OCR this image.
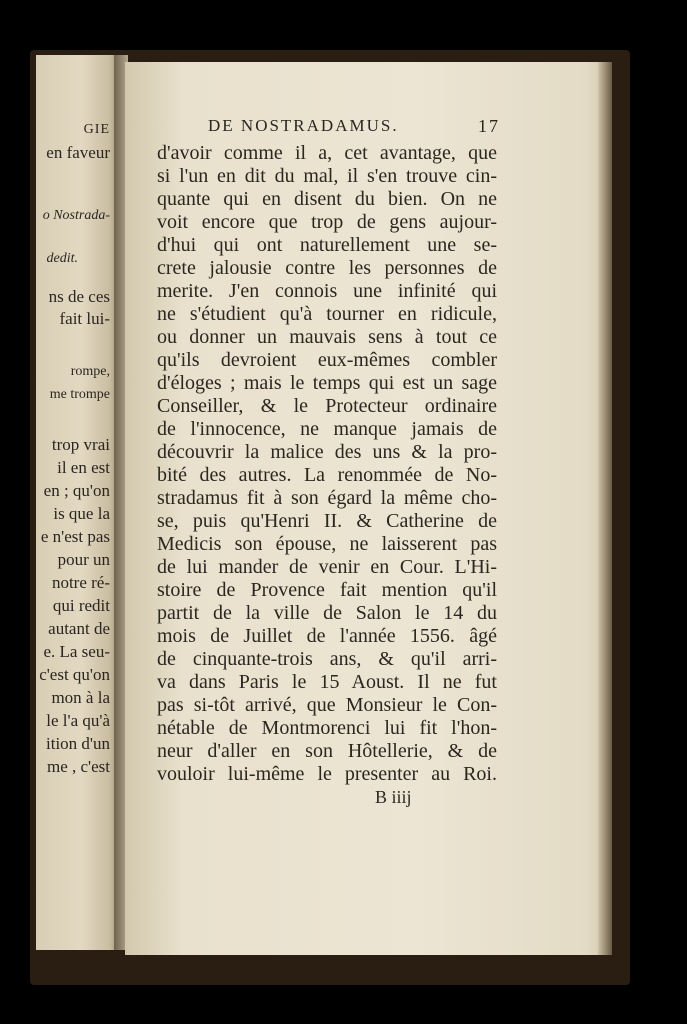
GIE
en faveur
o Nostrada-
dedit.
ns de ces
fait lui-
rompe,
me trompe
trop vrai
il en est
en ; qu'on
is que la
e n'est pas
pour un
notre ré-
qui redit
autant de
e. La seu-
c'est qu'on
mon à la
le l'a qu'à
ition d'un
me , c'est
DE NOSTRADAMUS.	17
d'avoir comme il a, cet avantage, que
si l'un en dit du mal, il s'en trouve cin-
quante qui en disent du bien. On ne
voit encore que trop de gens aujour-
d'hui qui ont naturellement une se-
crete jalousie contre les personnes de
merite. J'en connois une infinité qui
ne s'étudient qu'à tourner en ridicule,
ou donner un mauvais sens à tout ce
qu'ils devroient eux-mêmes combler
d'éloges ; mais le temps qui est un sage
Conseiller, & le Protecteur ordinaire
de l'innocence, ne manque jamais de
découvrir la malice des uns & la pro-
bité des autres. La renommée de No-
stradamus fit à son égard la même cho-
se, puis qu'Henri II. & Catherine de
Medicis son épouse, ne laisserent pas
de lui mander de venir en Cour. L'Hi-
stoire de Provence fait mention qu'il
partit de la ville de Salon le 14 du
mois de Juillet de l'année 1556. âgé
de cinquante-trois ans, & qu'il arri-
va dans Paris le 15 Aoust. Il ne fut
pas si-tôt arrivé, que Monsieur le Con-
nétable de Montmorenci lui fit l'hon-
neur d'aller en son Hôtellerie, & de
vouloir lui-même le presenter au Roi.
B iiij
